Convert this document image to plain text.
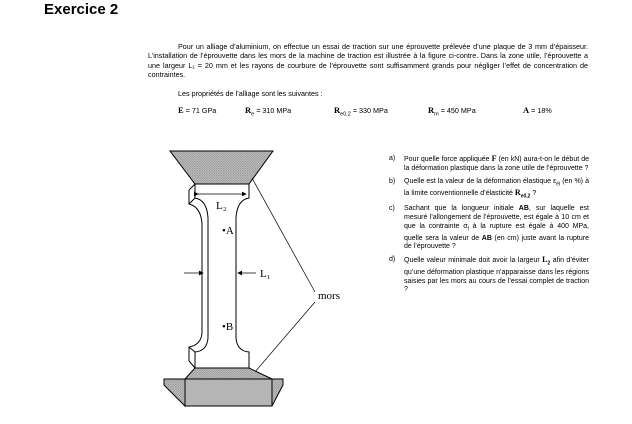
Exercice 2
Pour un alliage d’aluminium, on effectue un essai de traction sur une éprouvette prélevée d’une plaque de 3 mm d’épaisseur. L’installation de l’éprouvette dans les mors de la machine de traction est illustrée à la figure ci-contre. Dans la zone utile, l’éprouvette a une largeur L₁ = 20 mm et les rayons de courbure de l’éprouvette sont suffisamment grands pour négliger l’effet de concentration de contraintes.
Les propriétés de l’alliage sont les suivantes :
E = 71 GPa	$R_e = 310$ MPa	$R_{e0,2} = 330$ MPa	$R_m = 450$ MPa	A = 18%
L₂
L₁
•A
•B
mors
a)	Pour quelle force appliquée F (en kN) aura-t-on le début de la déformation plastique dans la zone utile de l’éprouvette ?
b)	Quelle est la valeur de la déformation élastique $\varepsilon_{él}$ (en %) à la limite conventionnelle d’élasticité $R_{e0,2}$ ?
c)	Sachant que la longueur initiale AB, sur laquelle est mesuré l’allongement de l’éprouvette, est égale à 10 cm et que la contrainte $\sigma_f$ à la rupture est égale à 400 MPa, quelle sera la valeur de AB (en cm) juste avant la rupture de l’éprouvette ?
d)	Quelle valeur minimale doit avoir la largeur $L_2$ afin d’éviter qu’une déformation plastique n’apparaisse dans les régions saisies par les mors au cours de l’essai complet de traction ?
